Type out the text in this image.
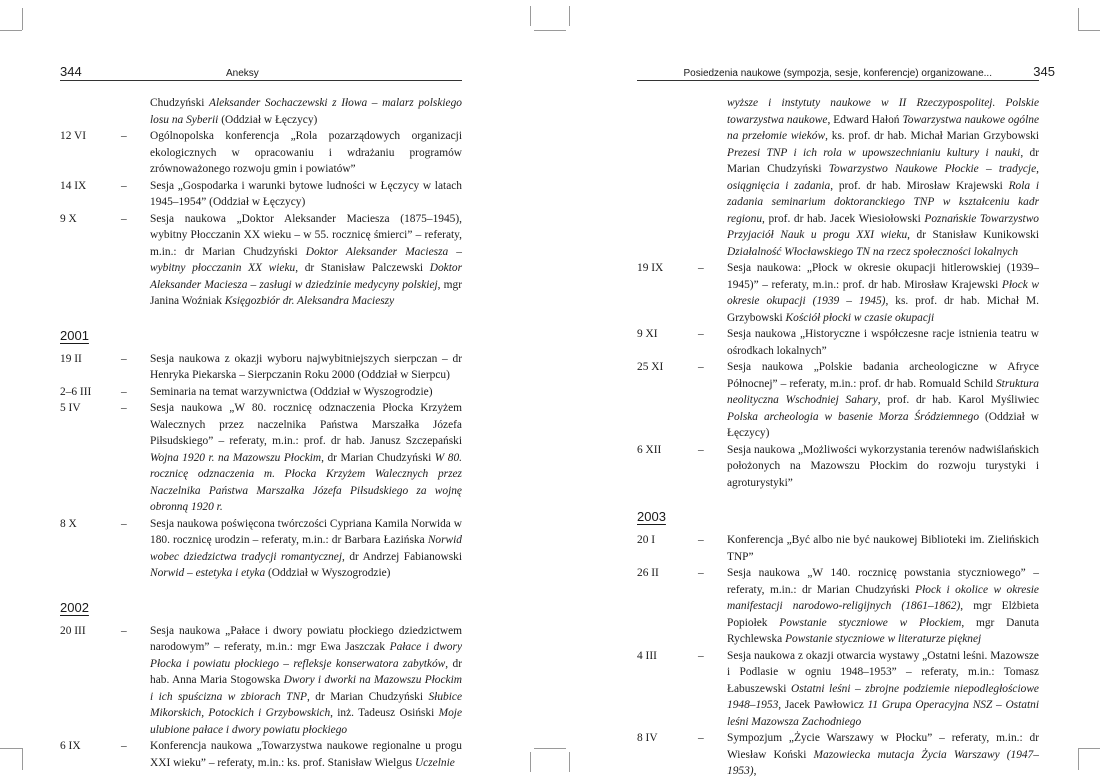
344	Aneksy

Chudzyński Aleksander Sochaczewski z Iłowa – malarz polskiego losu na Syberii (Oddział w Łęczycy)

12 VI	– Ogólnopolska konferencja „Rola pozarządowych organizacji ekologicznych w opracowaniu i wdrażaniu programów zrównoważonego rozwoju gmin i powiatów”

14 IX	– Sesja „Gospodarka i warunki bytowe ludności w Łęczycy w latach 1945–1954” (Oddział w Łęczycy)

9 X	– Sesja naukowa „Doktor Aleksander Maciesza (1875–1945), wybitny Płocczanin XX wieku – w 55. rocznicę śmierci” – referaty, m.in.: dr Marian Chudzyński Doktor Aleksander Maciesza – wybitny płocczanin XX wieku, dr Stanisław Palczewski Doktor Aleksander Maciesza – zasługi w dziedzinie medycyny polskiej, mgr Janina Woźniak Księgozbiór dr. Aleksandra Macieszy

2001

19 II	– Sesja naukowa z okazji wyboru najwybitniejszych sierpczan – dr Henryka Piekarska – Sierpczanin Roku 2000 (Oddział w Sierpcu)

2–6 III	– Seminaria na temat warzywnictwa (Oddział w Wyszogrodzie)

5 IV	– Sesja naukowa „W 80. rocznicę odznaczenia Płocka Krzyżem Walecznych przez naczelnika Państwa Marszałka Józefa Piłsudskiego” – referaty, m.in.: prof. dr hab. Janusz Szczepański Wojna 1920 r. na Mazowszu Płockim, dr Marian Chudzyński W 80. rocznicę odznaczenia m. Płocka Krzyżem Walecznych przez Naczelnika Państwa Marszałka Józefa Piłsudskiego za wojnę obronną 1920 r.

8 X	– Sesja naukowa poświęcona twórczości Cypriana Kamila Norwida w 180. rocznicę urodzin – referaty, m.in.: dr Barbara Łazińska Norwid wobec dziedzictwa tradycji romantycznej, dr Andrzej Fabianowski Norwid – estetyka i etyka (Oddział w Wyszogrodzie)

2002

20 III	– Sesja naukowa „Pałace i dwory powiatu płockiego dziedzictwem narodowym” – referaty, m.in.: mgr Ewa Jaszczak Pałace i dwory Płocka i powiatu płockiego – refleksje konserwatora zabytków, dr hab. Anna Maria Stogowska Dwory i dworki na Mazowszu Płockim i ich spuścizna w zbiorach TNP, dr Marian Chudzyński Słubice Mikorskich, Potockich i Grzybowskich, inż. Tadeusz Osiński Moje ulubione pałace i dwory powiatu płockiego

6 IX	– Konferencja naukowa „Towarzystwa naukowe regionalne u progu XXI wieku” – referaty, m.in.: ks. prof. Stanisław Wielgus Uczelnie

Posiedzenia naukowe (sympozja, sesje, konferencje) organizowane...	345

wyższe i instytuty naukowe w II Rzeczypospolitej. Polskie towarzystwa naukowe, Edward Hałoń Towarzystwa naukowe ogólne na przełomie wieków, ks. prof. dr hab. Michał Marian Grzybowski Prezesi TNP i ich rola w upowszechnianiu kultury i nauki, dr Marian Chudzyński Towarzystwo Naukowe Płockie – tradycje, osiągnięcia i zadania, prof. dr hab. Mirosław Krajewski Rola i zadania seminarium doktoranckiego TNP w kształceniu kadr regionu, prof. dr hab. Jacek Wiesiołowski Poznańskie Towarzystwo Przyjaciół Nauk u progu XXI wieku, dr Stanisław Kunikowski Działalność Włocławskiego TN na rzecz społeczności lokalnych

19 IX	– Sesja naukowa: „Płock w okresie okupacji hitlerowskiej (1939–1945)” – referaty, m.in.: prof. dr hab. Mirosław Krajewski Płock w okresie okupacji (1939 – 1945), ks. prof. dr hab. Michał M. Grzybowski Kościół płocki w czasie okupacji

9 XI	– Sesja naukowa „Historyczne i współczesne racje istnienia teatru w ośrodkach lokalnych”

25 XI	– Sesja naukowa „Polskie badania archeologiczne w Afryce Północnej” – referaty, m.in.: prof. dr hab. Romuald Schild Struktura neolityczna Wschodniej Sahary, prof. dr hab. Karol Myśliwiec Polska archeologia w basenie Morza Śródziemnego (Oddział w Łęczycy)

6 XII	– Sesja naukowa „Możliwości wykorzystania terenów nadwiślańskich położonych na Mazowszu Płockim do rozwoju turystyki i agroturystyki”

2003

20 I	– Konferencja „Być albo nie być naukowej Biblioteki im. Zielińskich TNP”

26 II	– Sesja naukowa „W 140. rocznicę powstania styczniowego” – referaty, m.in.: dr Marian Chudzyński Płock i okolice w okresie manifestacji narodowo-religijnych (1861–1862), mgr Elżbieta Popiołek Powstanie styczniowe w Płockiem, mgr Danuta Rychlewska Powstanie styczniowe w literaturze pięknej

4 III	– Sesja naukowa z okazji otwarcia wystawy „Ostatni leśni. Mazowsze i Podlasie w ogniu 1948–1953” – referaty, m.in.: Tomasz Łabuszewski Ostatni leśni – zbrojne podziemie niepodległościowe 1948–1953, Jacek Pawłowicz 11 Grupa Operacyjna NSZ – Ostatni leśni Mazowsza Zachodniego

8 IV	– Sympozjum „Życie Warszawy w Płocku” – referaty, m.in.: dr Wiesław Koński Mazowiecka mutacja Życia Warszawy (1947–1953),
